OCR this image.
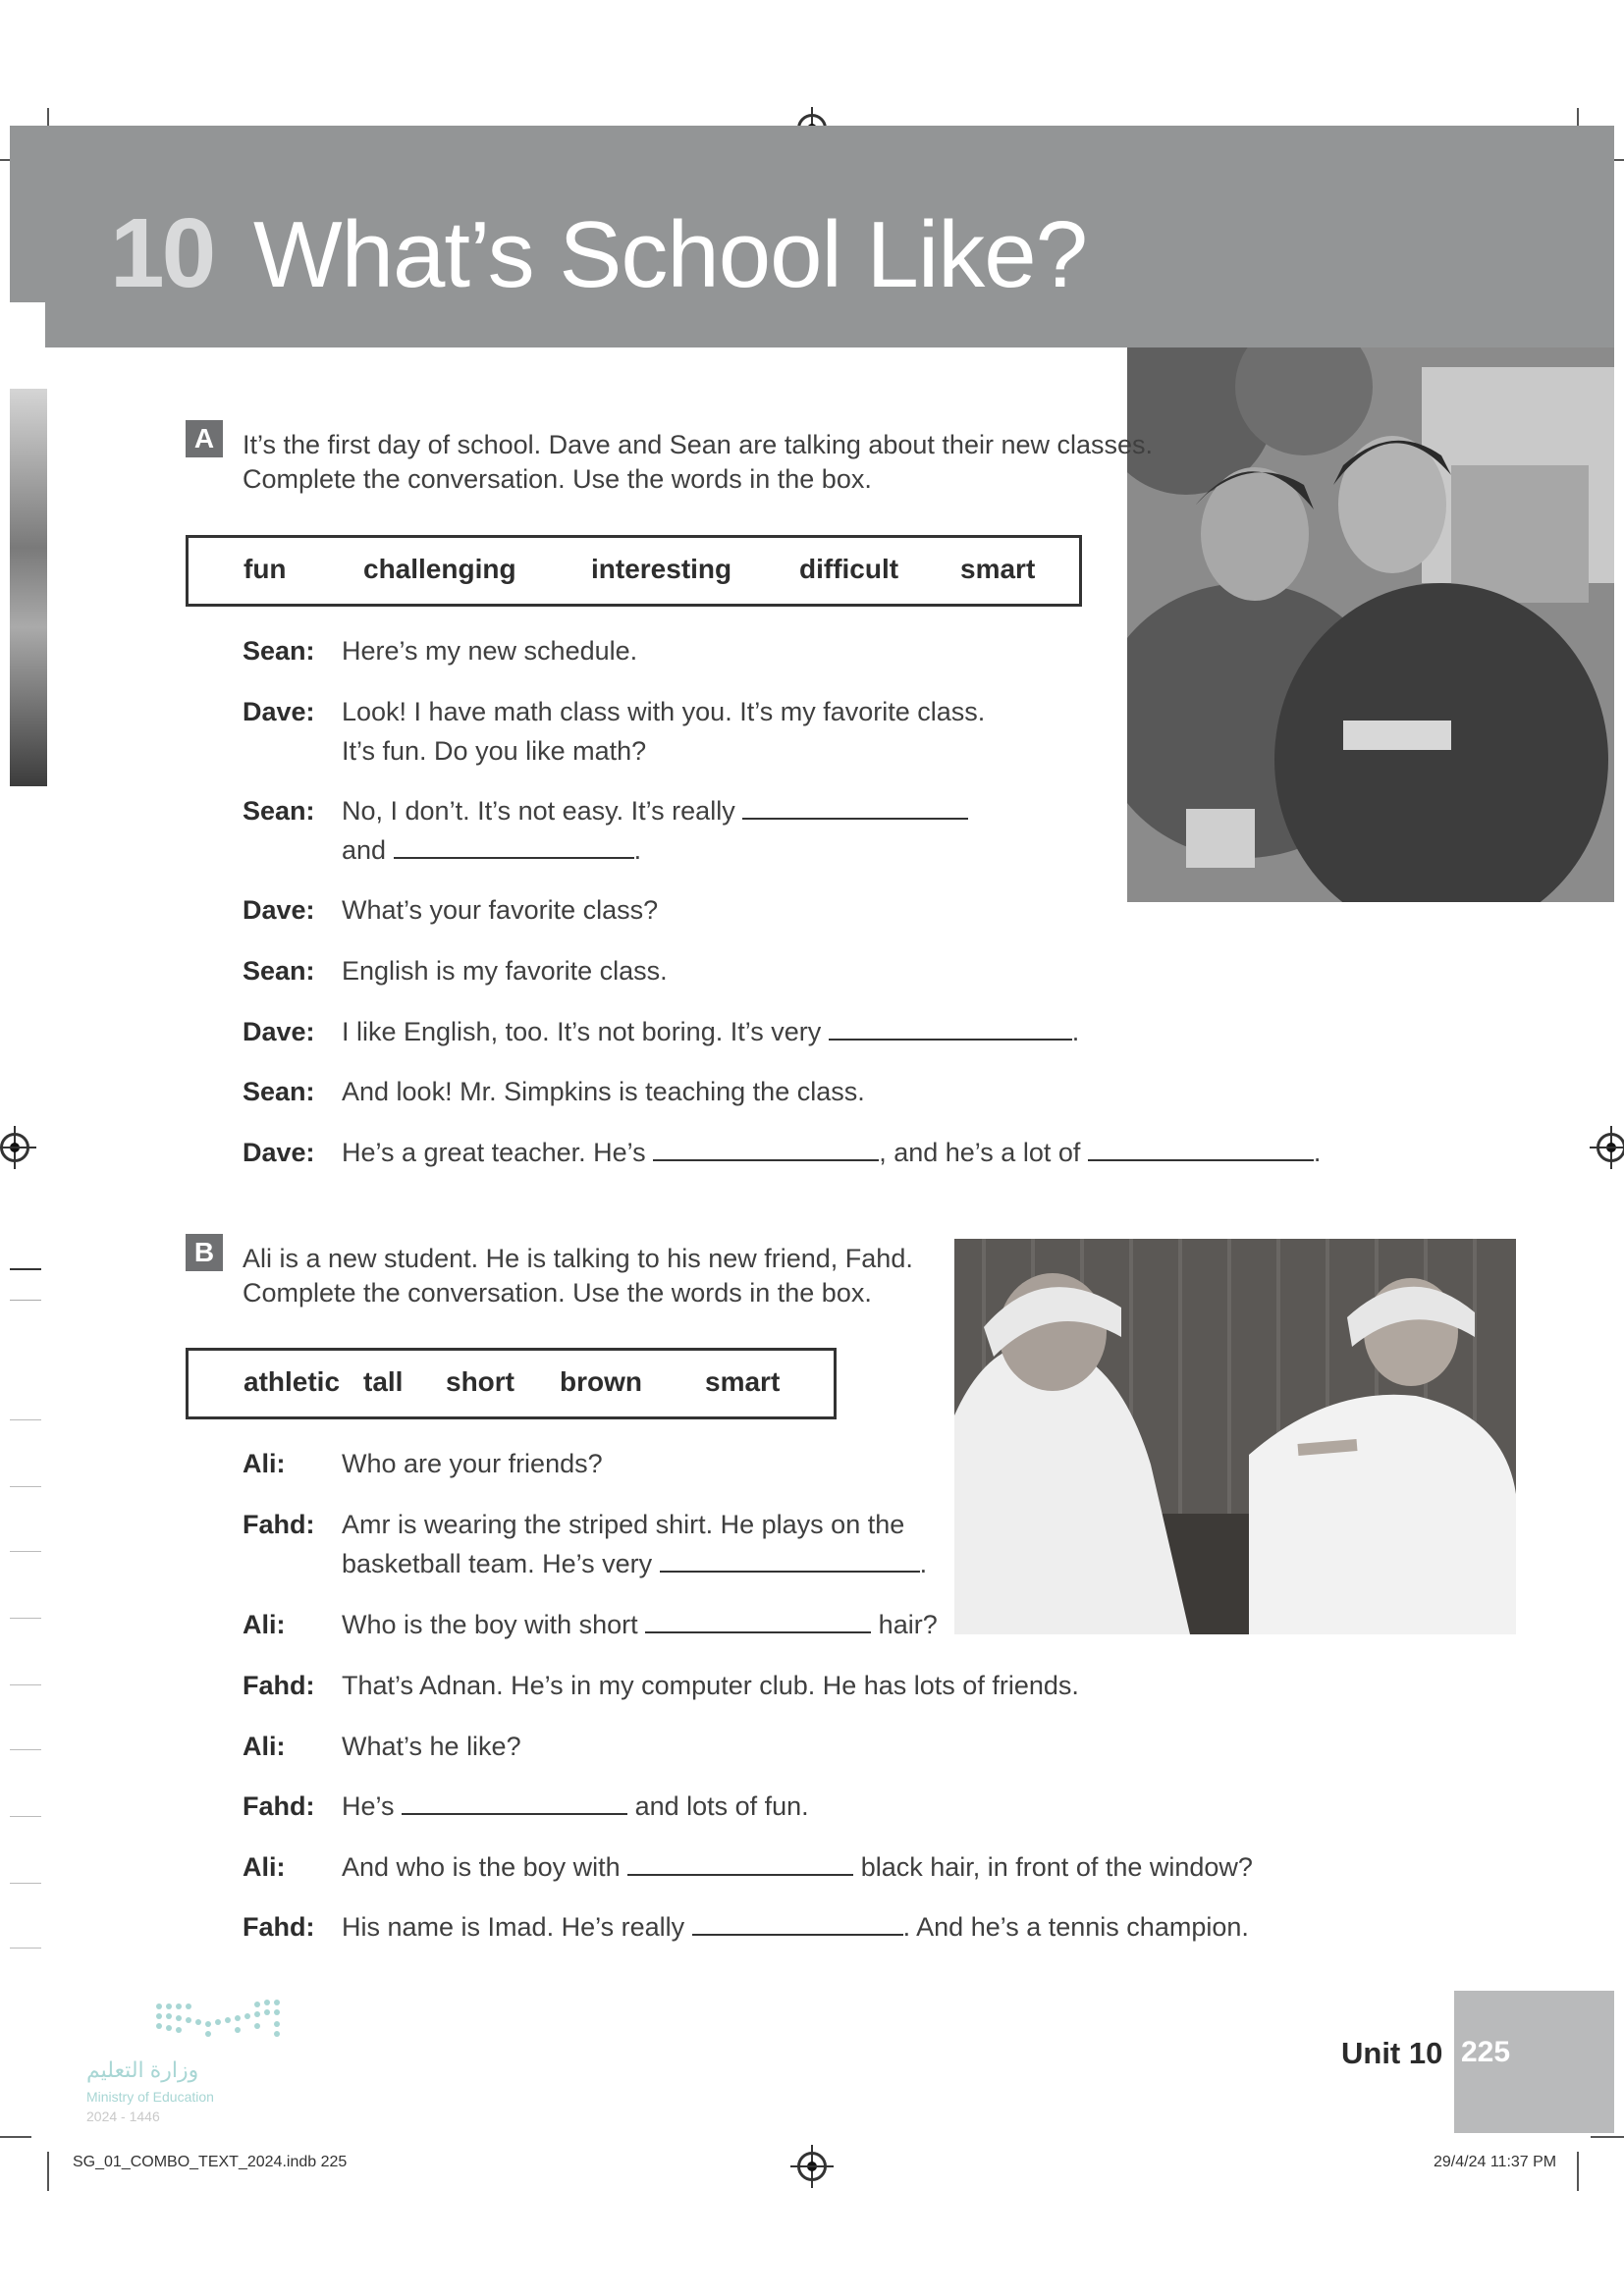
10 What’s School Like?
A	It’s the first day of school. Dave and Sean are talking about their new classes.
Complete the conversation. Use the words in the box.
fun	challenging	interesting difficult smart
Sean: Here’s my new schedule.
Dave: Look! I have math class with you. It’s my favorite class.
It’s fun. Do you like math?
Sean: No, I don’t. It’s not easy. It’s really
and	.
Dave: What’s your favorite class?
Sean: English is my favorite class.
Dave: I like English, too. It’s not boring. It’s very	.
Sean: And look! Mr. Simpkins is teaching the class.
Dave: He’s a great teacher. He’s	, and he’s a lot of	.
B	Ali is a new student. He is talking to his new friend, Fahd.
Complete the conversation. Use the words in the box.
athletic tall short brown smart
Ali: Who are your friends?
Fahd: Amr is wearing the striped shirt. He plays on the
basketball team. He’s very	.
Ali: Who is the boy with short	hair?
Fahd: That’s Adnan. He’s in my computer club. He has lots of friends.
Ali: What’s he like?
Fahd: He’s	and lots of fun.
Ali: And who is the boy with	black hair, in front of the window?
Fahd: His name is Imad. He’s really	. And he’s a tennis champion.
وزارة التعليم
Ministry of Education
2024 - 1446
Unit 10 225
SG_01_COMBO_TEXT_2024.indb 225	29/4/24 11:37 PM
